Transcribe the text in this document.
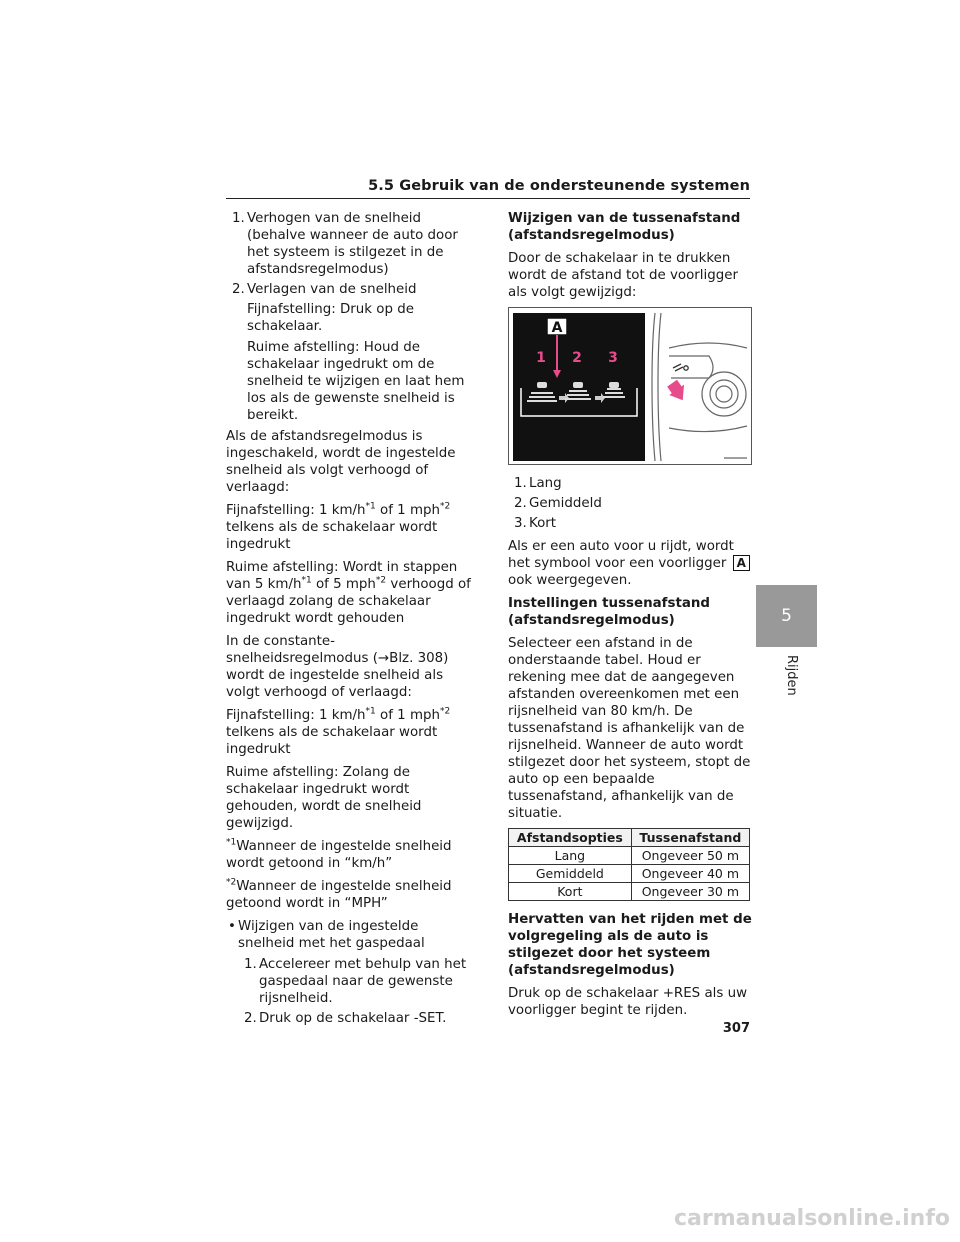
5.5 Gebruik van de ondersteunende systemen
1. Verhogen van de snelheid (behalve wanneer de auto door het systeem is stilgezet in de afstandsregelmodus)
2. Verlagen van de snelheid
Fijnafstelling: Druk op de schakelaar.
Ruime afstelling: Houd de schakelaar ingedrukt om de snelheid te wijzigen en laat hem los als de gewenste snelheid is bereikt.

Als de afstandsregelmodus is ingeschakeld, wordt de ingestelde snelheid als volgt verhoogd of verlaagd:

Fijnafstelling: 1 $km/h^{*1}$ of 1 mph$^{*2}$ telkens als de schakelaar wordt ingedrukt

Ruime afstelling: Wordt in stappen van 5 $km/h^{*1}$ of 5 mph$^{*2}$ verhoogd of verlaagd zolang de schakelaar ingedrukt wordt gehouden

In de constante-snelheidsregelmodus (→Blz. 308) wordt de ingestelde snelheid als volgt verhoogd of verlaagd:

Fijnafstelling: 1 $km/h^{*1}$ of 1 mph$^{*2}$ telkens als de schakelaar wordt ingedrukt

Ruime afstelling: Zolang de schakelaar ingedrukt wordt gehouden, wordt de snelheid gewijzigd.

$^{*1}$Wanneer de ingestelde snelheid wordt getoond in “km/h”

$^{*2}$Wanneer de ingestelde snelheid getoond wordt in “MPH”

• Wijzigen van de ingestelde snelheid met het gaspedaal
1. Accelereer met behulp van het gaspedaal naar de gewenste rijsnelheid.
2. Druk op de schakelaar -SET.
Wijzigen van de tussenafstand (afstandsregelmodus)

Door de schakelaar in te drukken wordt de afstand tot de voorligger als volgt gewijzigd:

A
1 2 3
1. Lang
2. Gemiddeld
3. Kort

Als er een auto voor u rijdt, wordt het symbool voor een voorligger A ook weergegeven.

Instellingen tussenafstand (afstandsregelmodus)

Selecteer een afstand in de onderstaande tabel. Houd er rekening mee dat de aangegeven afstanden overeenkomen met een rijsnelheid van 80 km/h. De tussenafstand is afhankelijk van de rijsnelheid. Wanneer de auto wordt stilgezet door het systeem, stopt de auto op een bepaalde tussenafstand, afhankelijk van de situatie.

Afstandsopties	Tussenafstand
Lang	Ongeveer 50 m
Gemiddeld	Ongeveer 40 m
Kort	Ongeveer 30 m
Hervatten van het rijden met de volgregeling als de auto is stilgezet door het systeem (afstandsregelmodus)

Druk op de schakelaar +RES als uw voorligger begint te rijden.

5
Rijden
307
carmanualsonline.info
